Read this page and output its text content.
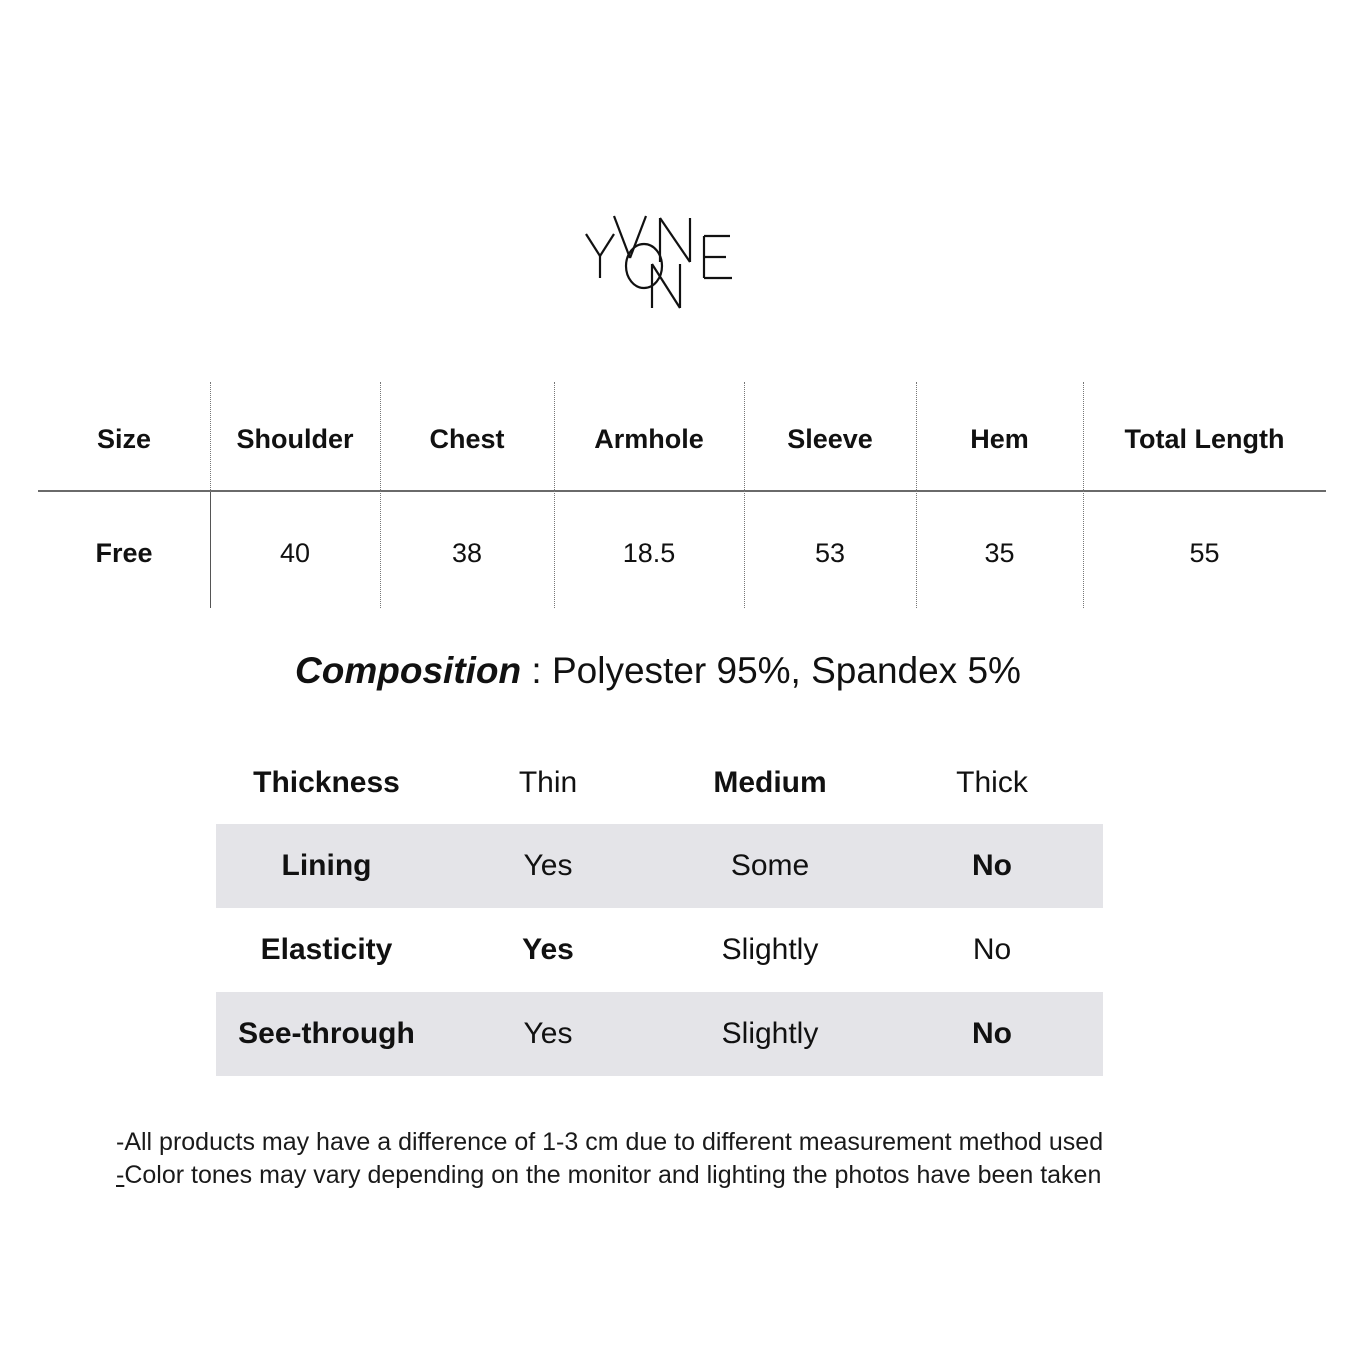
Size	Shoulder	Chest	Armhole	Sleeve	Hem	Total Length
Free	40	38	18.5	53	35	55
Composition : Polyester 95%, Spandex 5%
Thickness	Thin	Medium	Thick
Lining	Yes	Some	No
Elasticity	Yes	Slightly	No
See-through	Yes	Slightly	No
-All products may have a difference of 1-3 cm due to different measurement method used
-Color tones may vary depending on the monitor and lighting the photos have been taken
